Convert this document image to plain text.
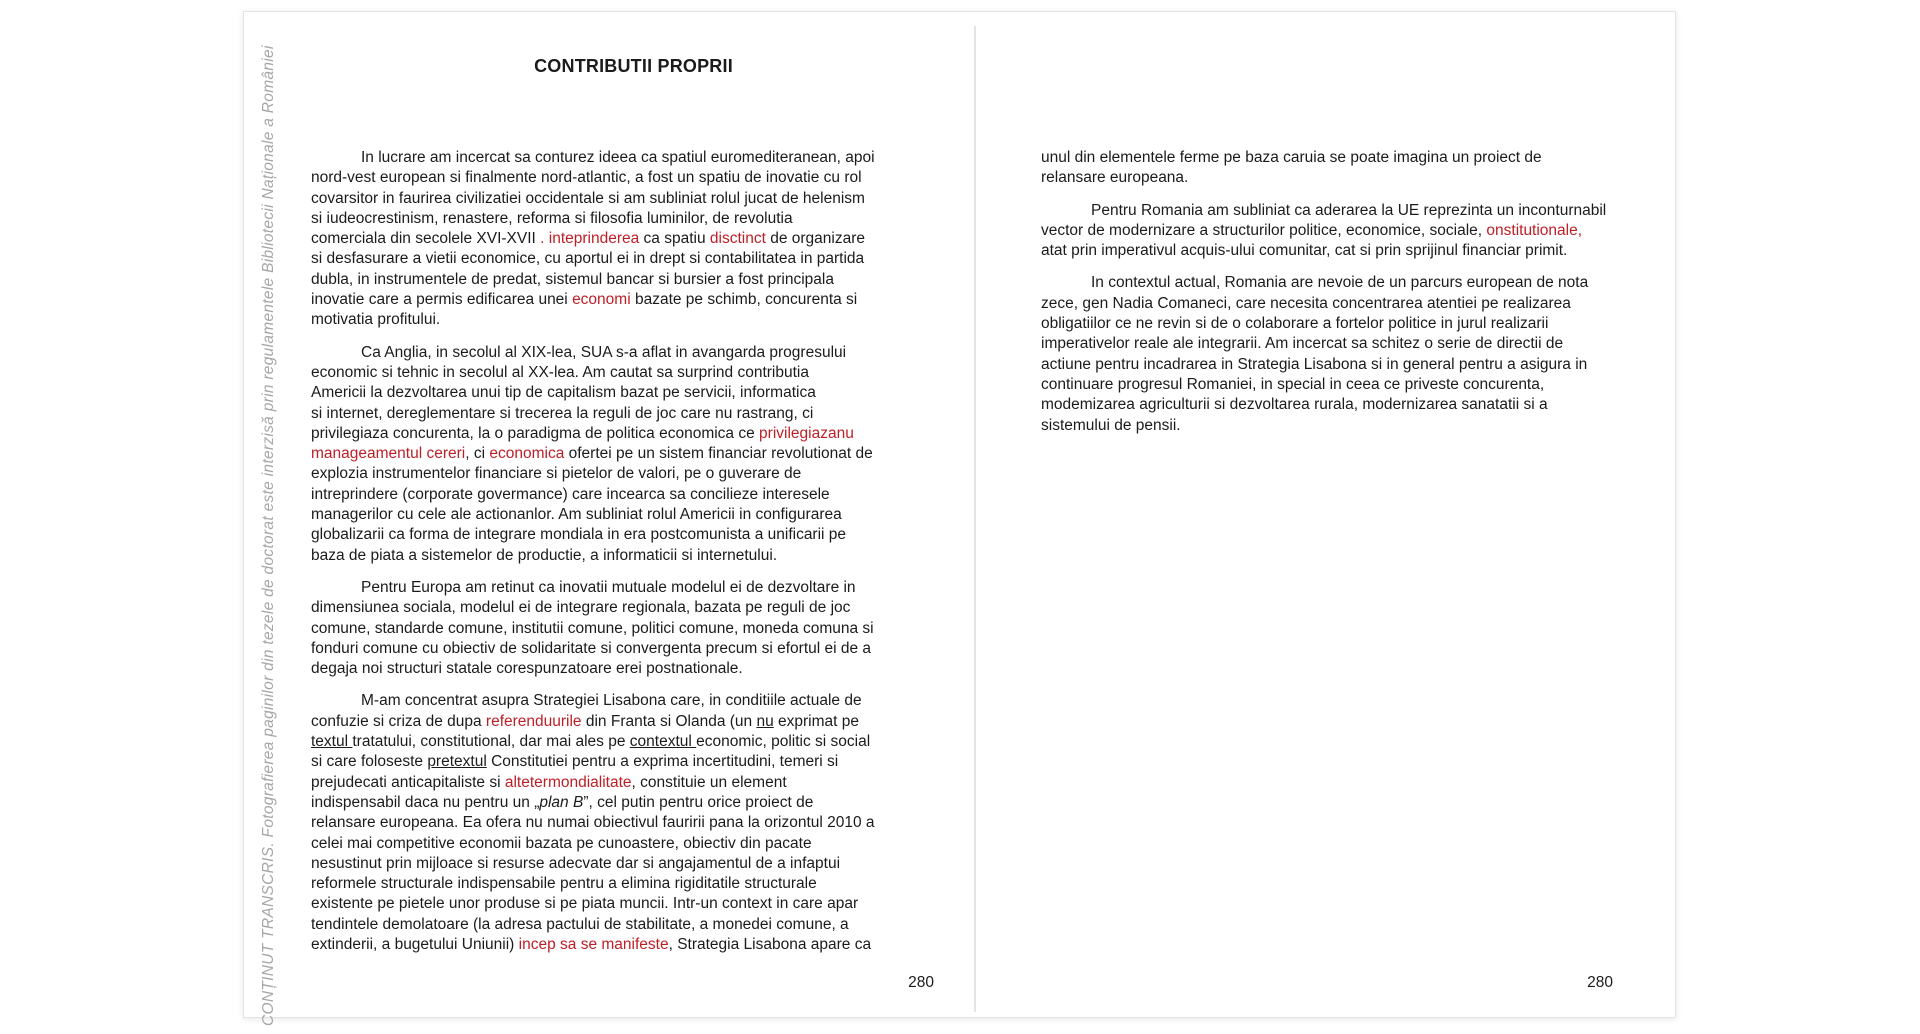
CONȚINUT TRANSCRIS. Fotografierea paginilor din tezele de doctorat este interzisă prin regulamentele Bibliotecii Naționale a României	CONTRIBUTII PROPRII
In lucrare am incercat sa conturez ideea ca spatiul euromediteranean, apoi
nord-vest european si finalmente nord-atlantic, a fost un spatiu de inovatie cu rol
covarsitor in faurirea civilizatiei occidentale si am subliniat rolul jucat de helenism
si iudeocrestinism, renastere, reforma si filosofia luminilor, de revolutia
comerciala din secolele XVI-XVII . inteprinderea ca spatiu disctinct de organizare
si desfasurare a vietii economice, cu aportul ei in drept si contabilitatea in partida
dubla, in instrumentele de predat, sistemul bancar si bursier a fost principala
inovatie care a permis edificarea unei economi bazate pe schimb, concurenta si
motivatia profitului.
Ca Anglia, in secolul al XIX-lea, SUA s-a aflat in avangarda progresului
economic si tehnic in secolul al XX-lea. Am cautat sa surprind contributia
Americii la dezvoltarea unui tip de capitalism bazat pe servicii, informatica
si internet, dereglementare si trecerea la reguli de joc care nu rastrang, ci
privilegiaza concurenta, la o paradigma de politica economica ce privilegiazanu
manageamentul cereri, ci economica ofertei pe un sistem financiar revolutionat de
explozia instrumentelor financiare si pietelor de valori, pe o guverare de
intreprindere (corporate govermance) care incearca sa concilieze interesele
managerilor cu cele ale actionanlor. Am subliniat rolul Americii in configurarea
globalizarii ca forma de integrare mondiala in era postcomunista a unificarii pe
baza de piata a sistemelor de productie, a informaticii si internetului.
Pentru Europa am retinut ca inovatii mutuale modelul ei de dezvoltare in
dimensiunea sociala, modelul ei de integrare regionala, bazata pe reguli de joc
comune, standarde comune, institutii comune, politici comune, moneda comuna si
fonduri comune cu obiectiv de solidaritate si convergenta precum si efortul ei de a
degaja noi structuri statale corespunzatoare erei postnationale.
M-am concentrat asupra Strategiei Lisabona care, in conditiile actuale de
confuzie si criza de dupa referenduurile din Franta si Olanda (un nu exprimat pe
textul tratatului, constitutional, dar mai ales pe contextul economic, politic si social
si care foloseste pretextul Constitutiei pentru a exprima incertitudini, temeri si
prejudecati anticapitaliste si altetermondialitate, constituie un element
indispensabil daca nu pentru un „plan B”, cel putin pentru orice proiect de
relansare europeana. Ea ofera nu numai obiectivul fauririi pana la orizontul 2010 a
celei mai competitive economii bazata pe cunoastere, obiectiv din pacate
nesustinut prin mijloace si resurse adecvate dar si angajamentul de a infaptui
reformele structurale indispensabile pentru a elimina rigiditatile structurale
existente pe pietele unor produse si pe piata muncii. Intr-un context in care apar
tendintele demolatoare (la adresa pactului de stabilitate, a monedei comune, a
extinderii, a bugetului Uniunii) incep sa se manifeste, Strategia Lisabona apare ca
280
unul din elementele ferme pe baza caruia se poate imagina un proiect de
relansare europeana.
Pentru Romania am subliniat ca aderarea la UE reprezinta un inconturnabil
vector de modernizare a structurilor politice, economice, sociale, onstitutionale,
atat prin imperativul acquis-ului comunitar, cat si prin sprijinul financiar primit.
In contextul actual, Romania are nevoie de un parcurs european de nota
zece, gen Nadia Comaneci, care necesita concentrarea atentiei pe realizarea
obligatiilor ce ne revin si de o colaborare a fortelor politice in jurul realizarii
imperativelor reale ale integrarii. Am incercat sa schitez o serie de directii de
actiune pentru incadrarea in Strategia Lisabona si in general pentru a asigura in
continuare progresul Romaniei, in special in ceea ce priveste concurenta,
modemizarea agriculturii si dezvoltarea rurala, modernizarea sanatatii si a
sistemului de pensii.
280
